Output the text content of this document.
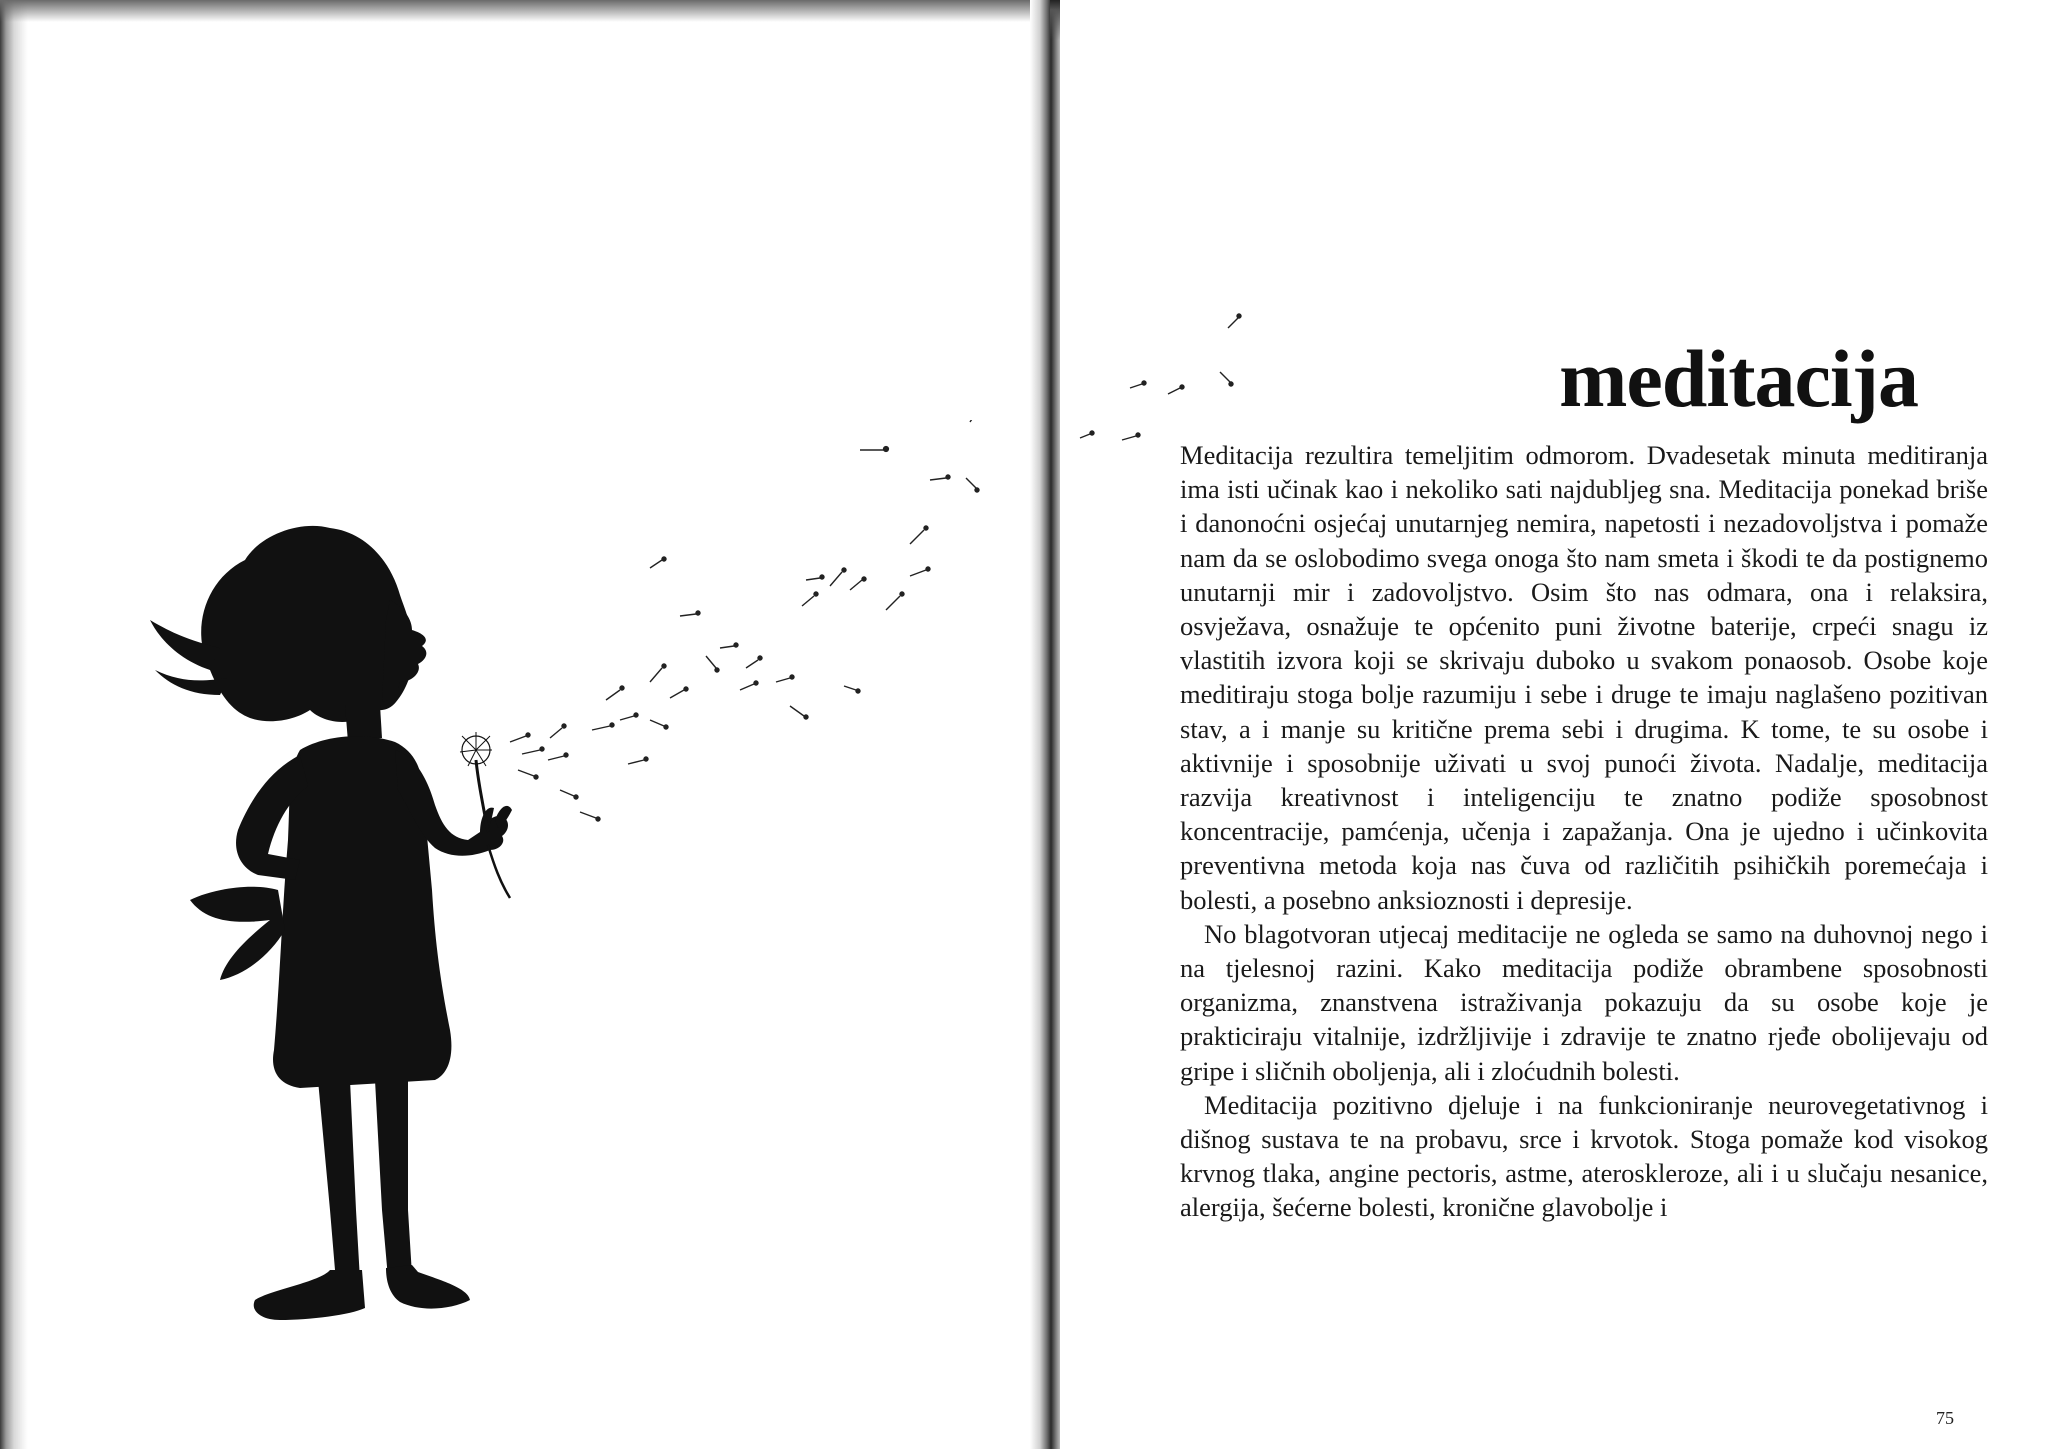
meditacija

Meditacija rezultira temeljitim odmorom. Dvadesetak minuta meditiranja ima isti učinak kao i nekoliko sati najdubljeg sna. Meditacija ponekad briše i danonoćni osjećaj unutarnjeg nemira, napetosti i nezadovoljstva i pomaže nam da se oslobodimo svega onoga što nam smeta i škodi te da postignemo unutarnji mir i zadovoljstvo. Osim što nas odmara, ona i relaksira, osvježava, osnažuje te općenito puni životne baterije, crpeći snagu iz vlastitih izvora koji se skrivaju duboko u svakom ponaosob. Osobe koje meditiraju stoga bolje razumiju i sebe i druge te imaju naglašeno pozitivan stav, a i manje su kritične prema sebi i drugima. K tome, te su osobe i aktivnije i sposobnije uživati u svoj punoći života. Nadalje, meditacija razvija kreativnost i inteligenciju te znatno podiže sposobnost koncentracije, pamćenja, učenja i zapažanja. Ona je ujedno i učinkovita preventivna metoda koja nas čuva od različitih psihičkih poremećaja i bolesti, a posebno anksioznosti i depresije.

No blagotvoran utjecaj meditacije ne ogleda se samo na duhovnoj nego i na tjelesnoj razini. Kako meditacija podiže obrambene sposobnosti organizma, znanstvena istraživanja pokazuju da su osobe koje je prakticiraju vitalnije, izdržljivije i zdravije te znatno rjeđe obolijevaju od gripe i sličnih oboljenja, ali i zloćudnih bolesti.

Meditacija pozitivno djeluje i na funkcioniranje neurovegetativnog i dišnog sustava te na probavu, srce i krvotok. Stoga pomaže kod visokog krvnog tlaka, angine pectoris, astme, ateroskleroze, ali i u slučaju nesanice, alergija, šećerne bolesti, kronične glavobolje i

75
